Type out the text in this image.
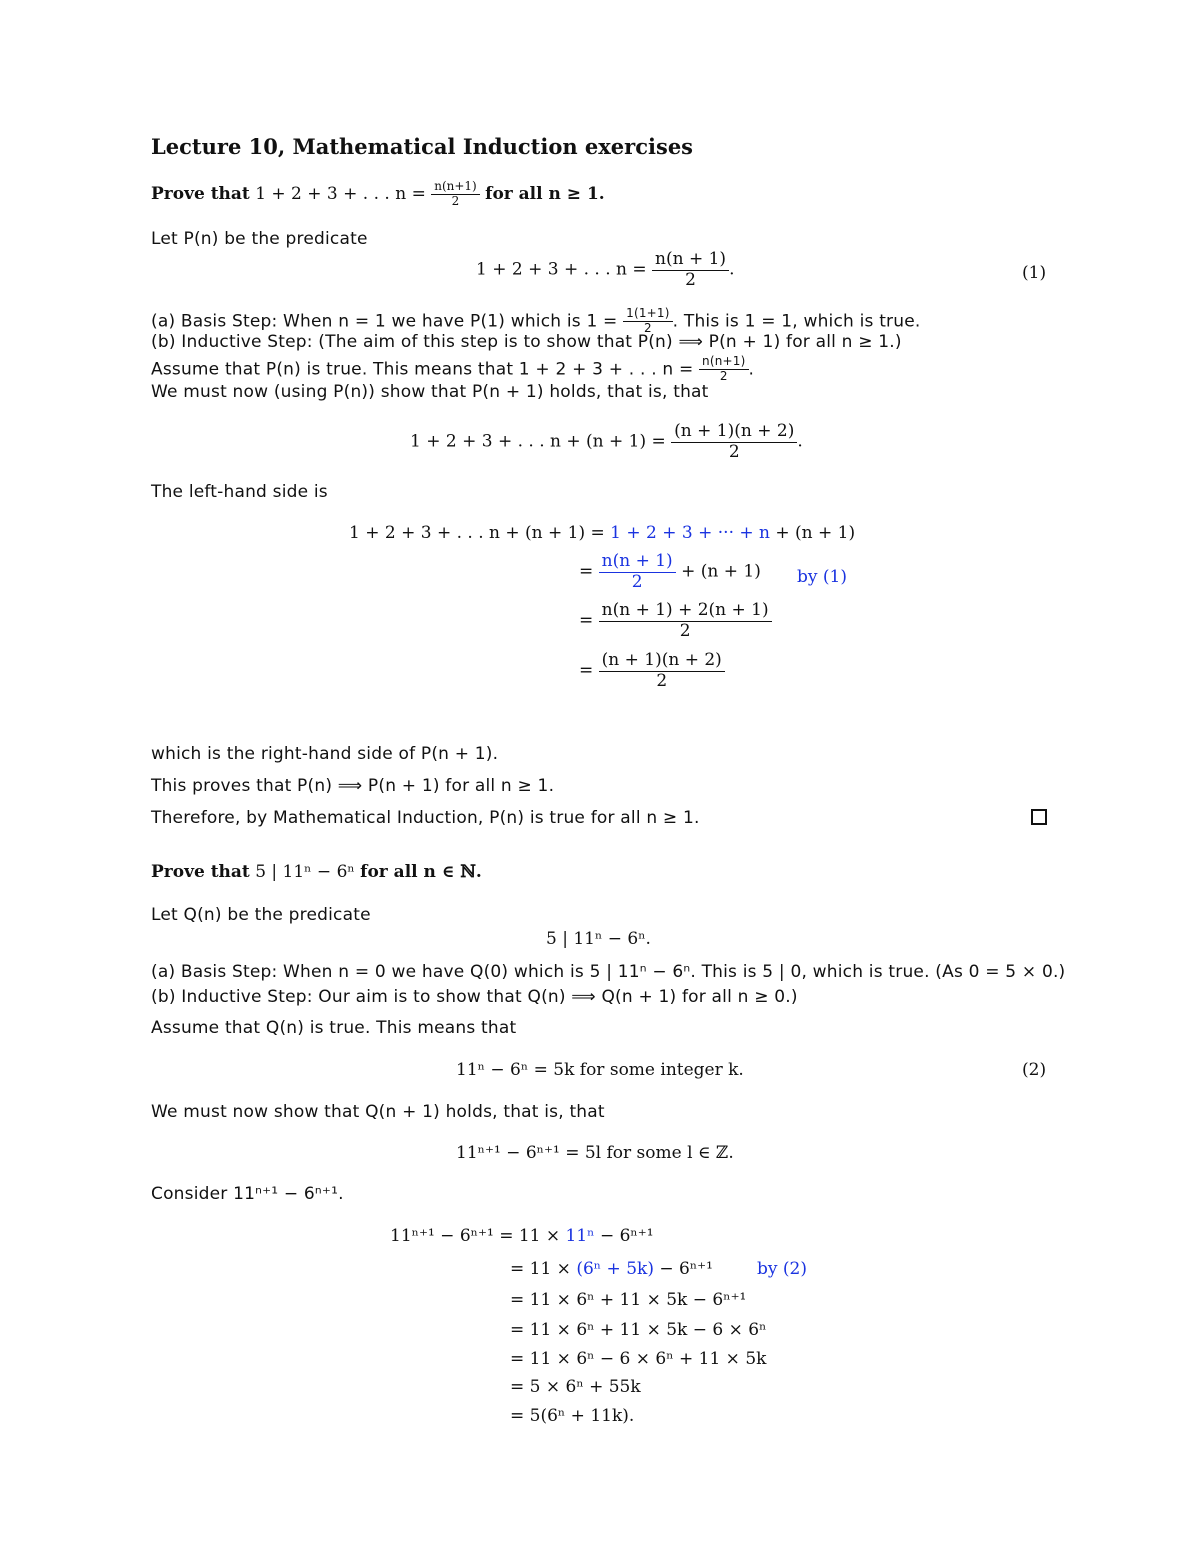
Lecture 10, Mathematical Induction exercises
Prove that 1 + 2 + 3 + . . . $n = \frac{n(n+1)}{2}$ for all n ≥ 1.
Let P(n) be the predicate
1 + 2 + 3 + . . . $n = \frac{n(n + 1)}{2}$ .	(1)
(a) Basis Step: When n = 1 we have P(1) which is $1 = \frac{1(1+1)}{2}$ . This is 1 = 1, which is true.
(b) Inductive Step: (The aim of this step is to show that P(n) ⟹ P(n + 1) for all n ≥ 1.)
Assume that P(n) is true. This means that 1 + 2 + 3 + . . . $n = \frac{n(n+1)}{2}$ .
We must now (using P(n)) show that P(n + 1) holds, that is, that
1 + 2 + 3 + . . . $n + (n + 1) = \frac{(n + 1)(n + 2)}{2}$ .
The left-hand side is
1 + 2 + 3 + . . . n + (n + 1) = 1 + 2 + 3 + ··· + n + (n + 1)
= $\frac{n(n + 1)}{2} + (n + 1)$ by (1)
= $\frac{n(n + 1) + 2(n + 1)}{2}$
= $\frac{(n + 1)(n + 2)}{2}$
which is the right-hand side of P(n + 1).
This proves that P(n) ⟹ P(n + 1) for all n ≥ 1.
Therefore, by Mathematical Induction, P(n) is true for all n ≥ 1.
Prove that 5 | 11ⁿ − 6ⁿ for all n ∈ ℕ.
Let Q(n) be the predicate
5 | 11ⁿ − 6ⁿ.
(a) Basis Step: When n = 0 we have Q(0) which is 5 | 11ⁿ − 6ⁿ. This is 5 | 0, which is true. (As 0 = 5 × 0.)
(b) Inductive Step: Our aim is to show that Q(n) ⟹ Q(n + 1) for all n ≥ 0.)
Assume that Q(n) is true. This means that
11ⁿ − 6ⁿ = 5k for some integer k.	(2)
We must now show that Q(n + 1) holds, that is, that
11ⁿ⁺¹ − 6ⁿ⁺¹ = 5l for some l ∈ ℤ.
Consider 11ⁿ⁺¹ − 6ⁿ⁺¹.
11ⁿ⁺¹ − 6ⁿ⁺¹ = 11 × 11ⁿ − 6ⁿ⁺¹
= 11 × (6ⁿ + 5k) − 6ⁿ⁺¹	by (2)
= 11 × 6ⁿ + 11 × 5k − 6ⁿ⁺¹
= 11 × 6ⁿ + 11 × 5k − 6 × 6ⁿ
= 11 × 6ⁿ − 6 × 6ⁿ + 11 × 5k
= 5 × 6ⁿ + 55k
= 5(6ⁿ + 11k).
